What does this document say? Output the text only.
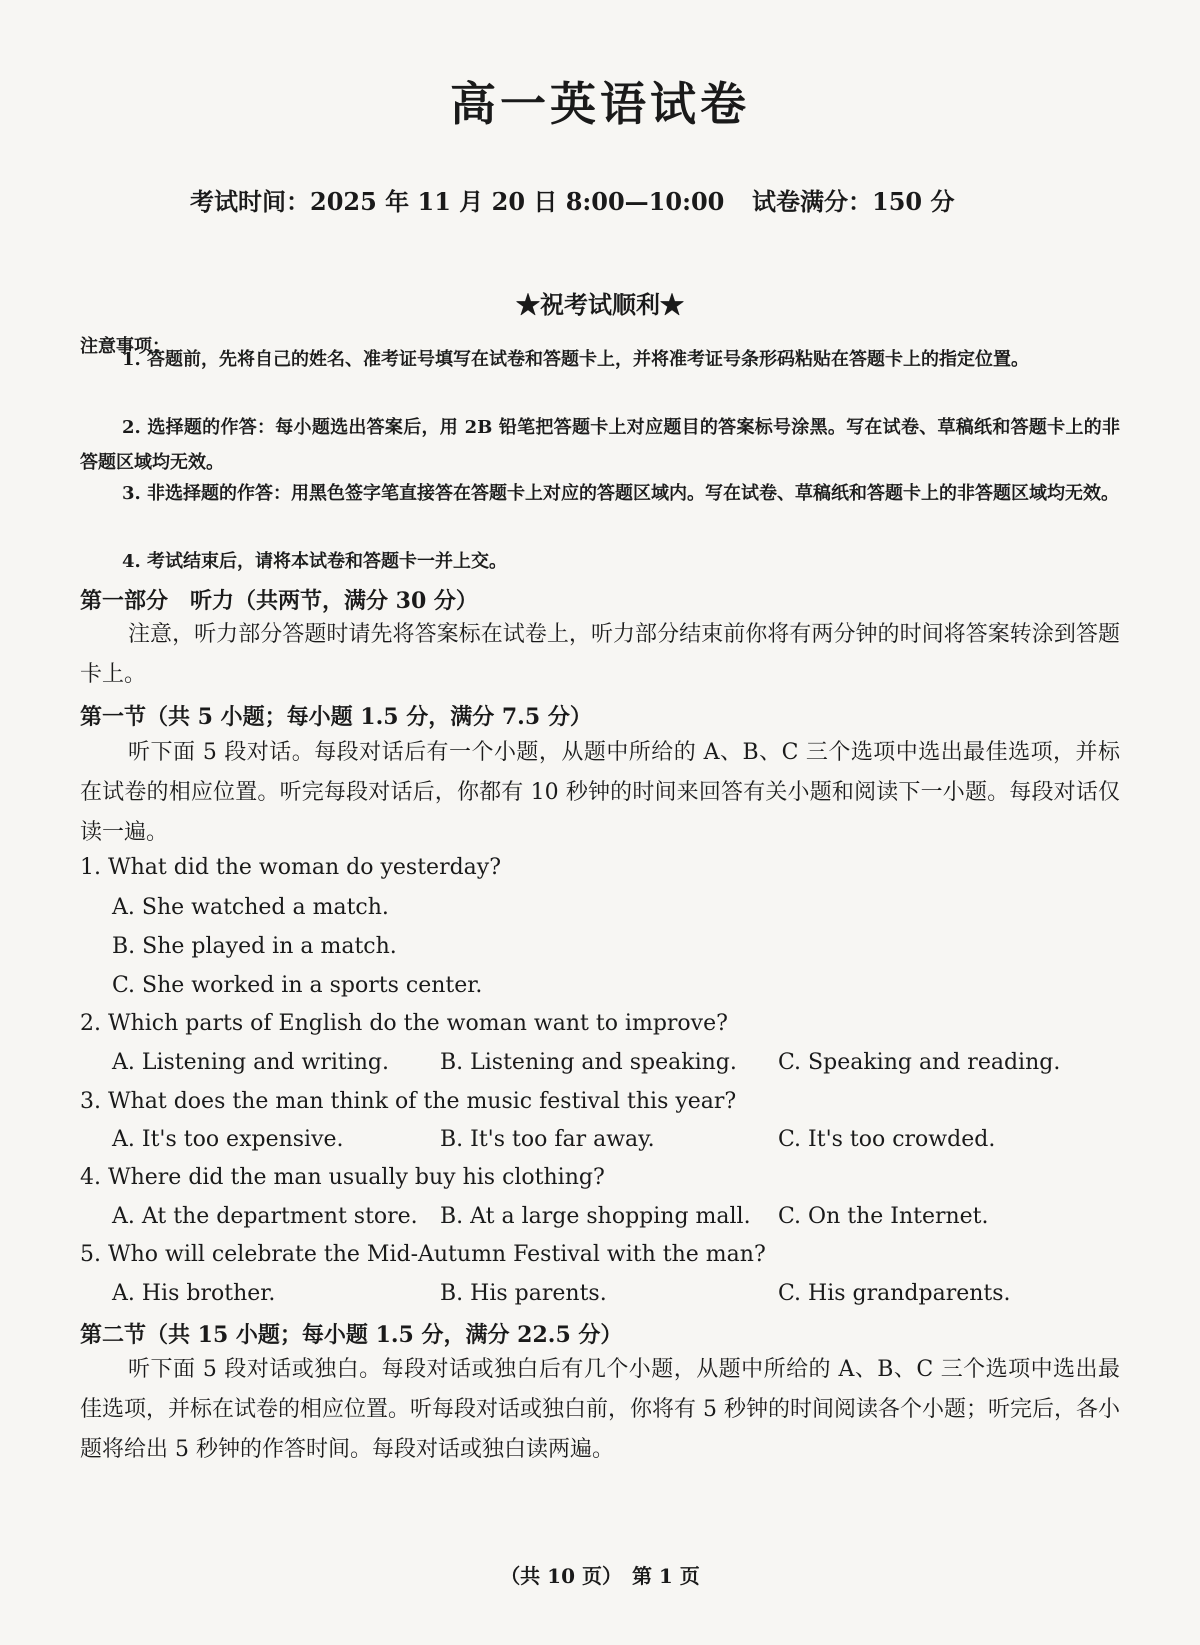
高一英语试卷
考试时间：2025 年 11 月 20 日 8:00—10:00 试卷满分：150 分
★祝考试顺利★
注意事项：
1. 答题前，先将自己的姓名、准考证号填写在试卷和答题卡上，并将准考证号条形码粘贴在答题卡上的指定位置。
2. 选择题的作答：每小题选出答案后，用 2B 铅笔把答题卡上对应题目的答案标号涂黑。写在试卷、草稿纸和答题卡上的非答题区域均无效。
3. 非选择题的作答：用黑色签字笔直接答在答题卡上对应的答题区域内。写在试卷、草稿纸和答题卡上的非答题区域均无效。
4. 考试结束后，请将本试卷和答题卡一并上交。
第一部分　听力（共两节，满分 30 分）
注意，听力部分答题时请先将答案标在试卷上，听力部分结束前你将有两分钟的时间将答案转涂到答题卡上。
第一节（共 5 小题；每小题 1.5 分，满分 7.5 分）
听下面 5 段对话。每段对话后有一个小题，从题中所给的 A、B、C 三个选项中选出最佳选项，并标在试卷的相应位置。听完每段对话后，你都有 10 秒钟的时间来回答有关小题和阅读下一小题。每段对话仅读一遍。
1. What did the woman do yesterday?
A. She watched a match.
B. She played in a match.
C. She worked in a sports center.
2. Which parts of English do the woman want to improve?
A. Listening and writing. B. Listening and speaking. C. Speaking and reading.
3. What does the man think of the music festival this year?
A. It's too expensive.	B. It's too far away.	C. It's too crowded.
4. Where did the man usually buy his clothing?
A. At the department store. B. At a large shopping mall. C. On the Internet.
5. Who will celebrate the Mid-Autumn Festival with the man?
A. His brother.	B. His parents.	C. His grandparents.
第二节（共 15 小题；每小题 1.5 分，满分 22.5 分）
听下面 5 段对话或独白。每段对话或独白后有几个小题，从题中所给的 A、B、C 三个选项中选出最佳选项，并标在试卷的相应位置。听每段对话或独白前，你将有 5 秒钟的时间阅读各个小题；听完后，各小题将给出 5 秒钟的作答时间。每段对话或独白读两遍。
（共 10 页）　第 1 页
